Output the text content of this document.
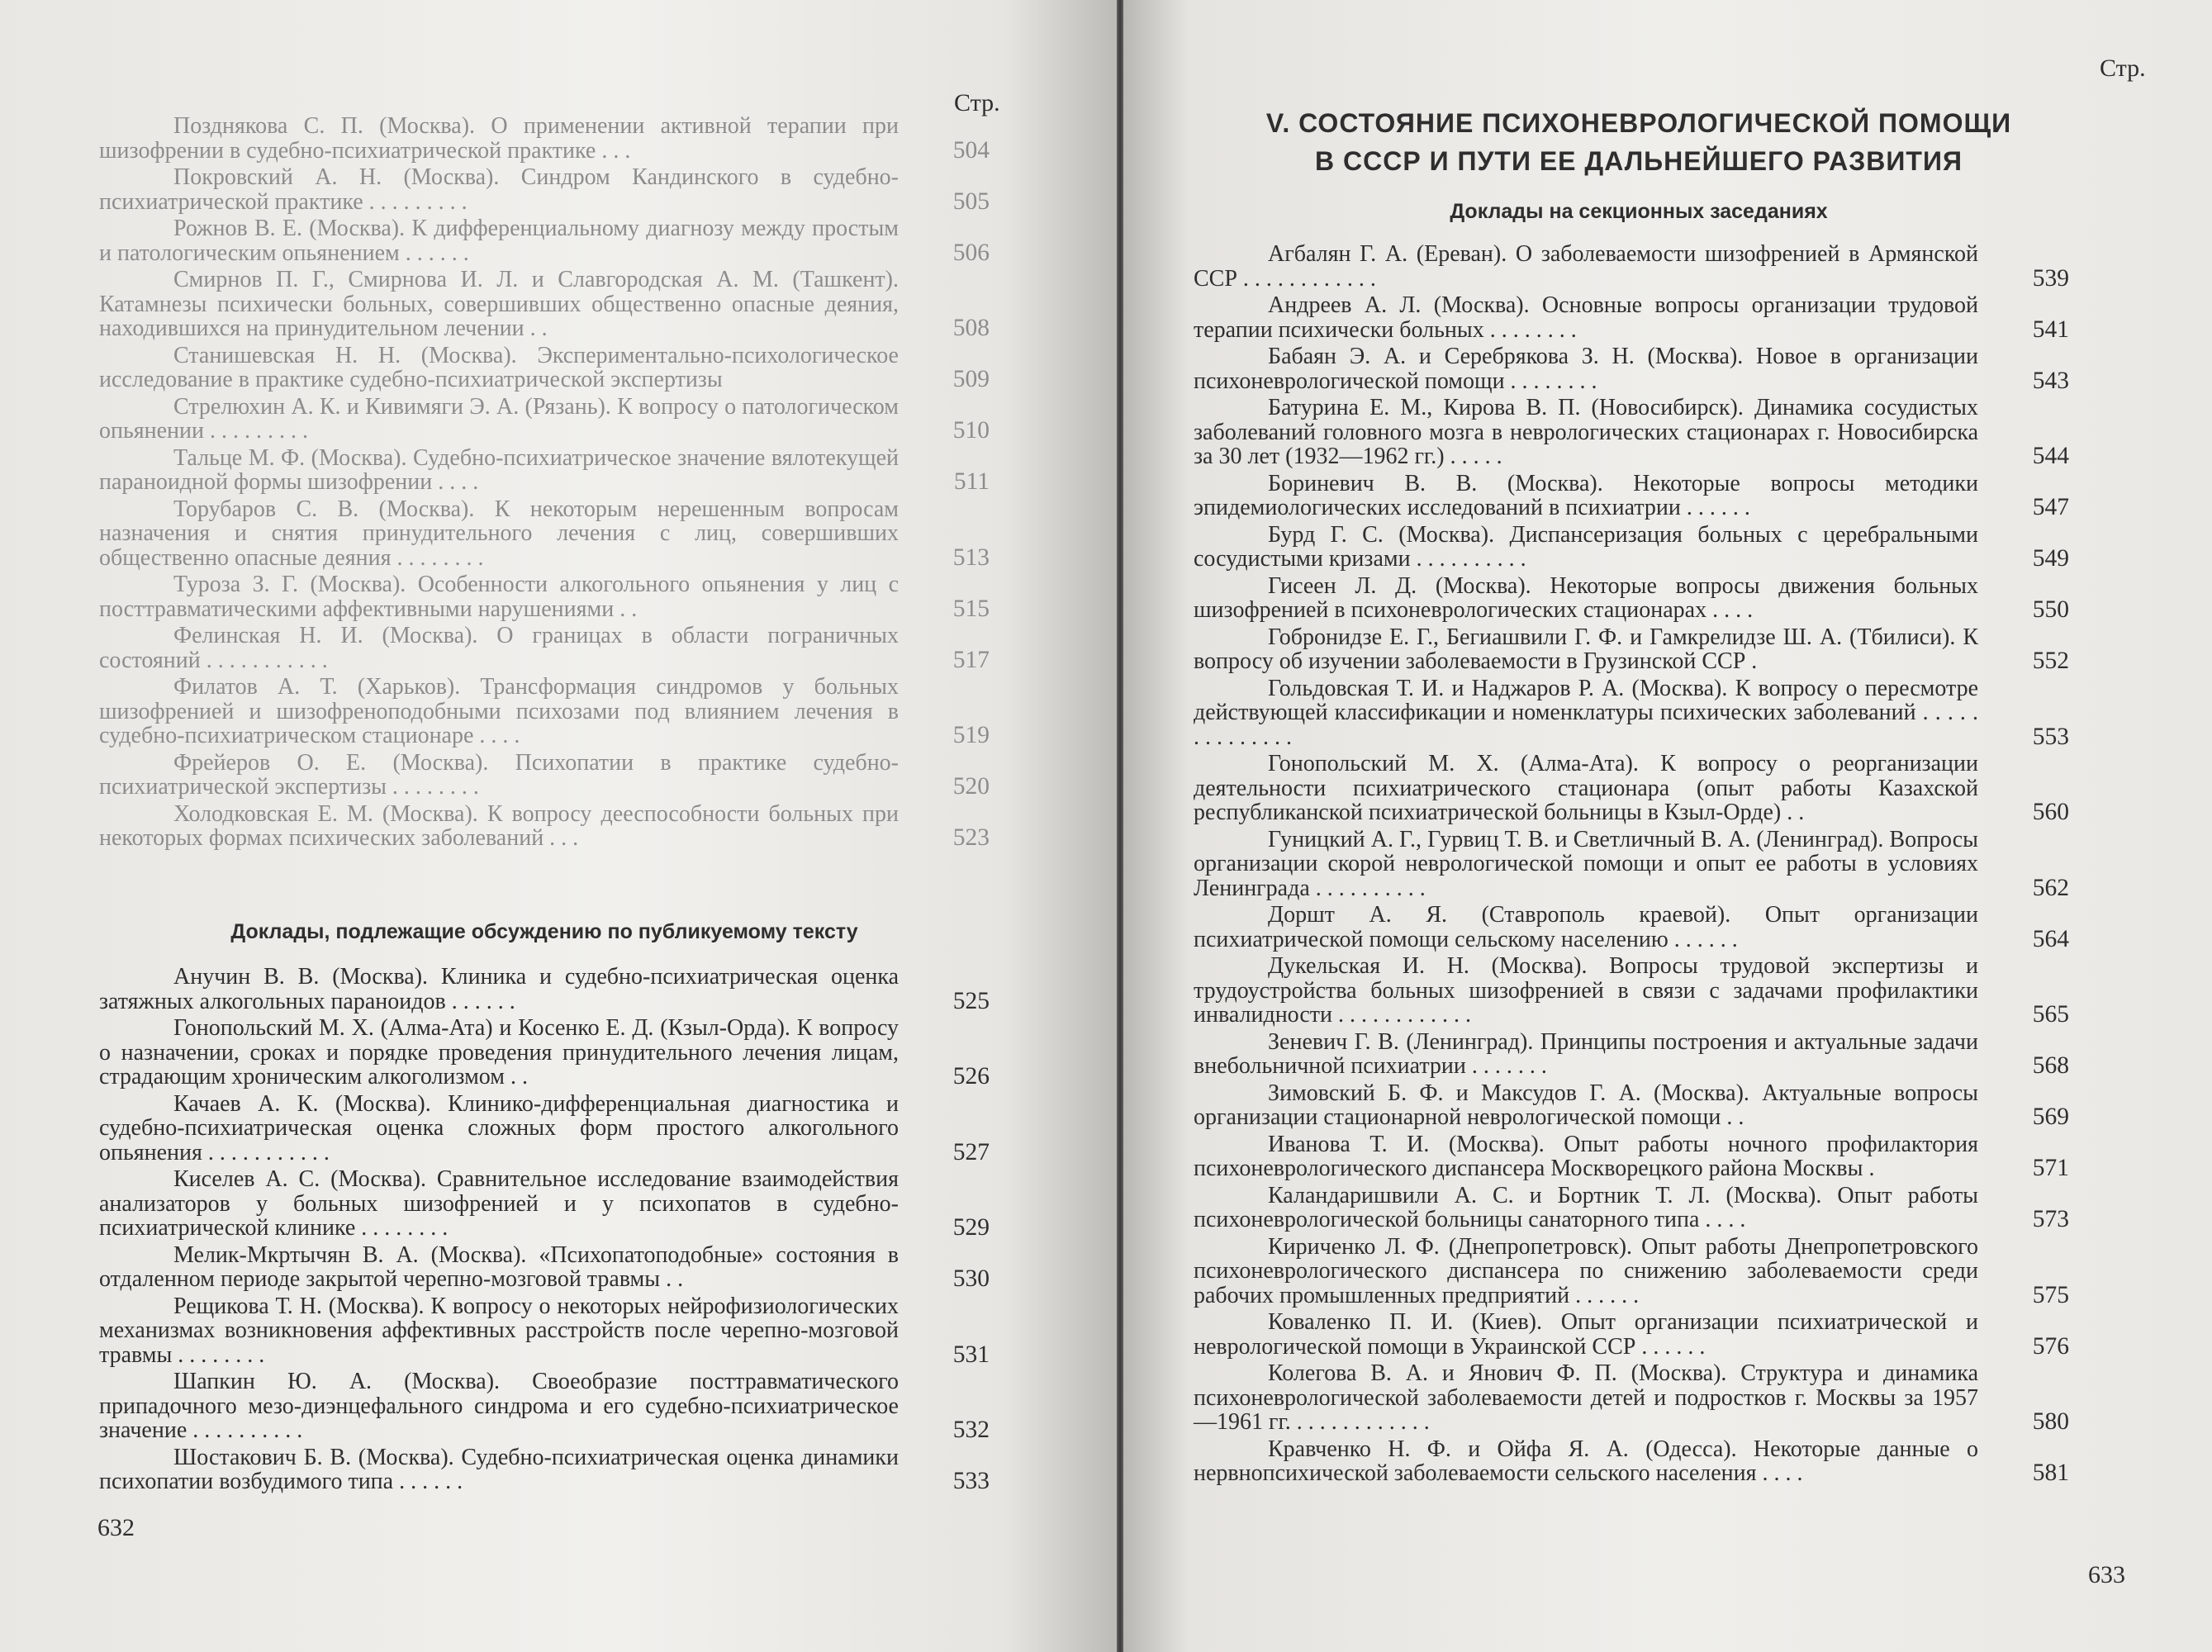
Стр.
Позднякова С. П. (Москва). О применении активной терапии при шизофрении в судебно-психиатрической практике . . .	504
Покровский А. Н. (Москва). Синдром Кандинского в судебно-психиатрической практике . . . . . . . . .	505
Рожнов В. Е. (Москва). К дифференциальному диагнозу между простым и патологическим опьянением . . . . . .	506
Смирнов П. Г., Смирнова И. Л. и Славгородская А. М. (Ташкент). Катамнезы психически больных, совершивших общественно опасные деяния, находившихся на принудительном лечении . .	508
Станишевская Н. Н. (Москва). Экспериментально-психологическое исследование в практике судебно-психиатрической экспертизы	509
Стрелюхин А. К. и Кивимяги Э. А. (Рязань). К вопросу о патологическом опьянении . . . . . . . . .	510
Тальце М. Ф. (Москва). Судебно-психиатрическое значение вялотекущей параноидной формы шизофрении . . . .	511
Торубаров С. В. (Москва). К некоторым нерешенным вопросам назначения и снятия принудительного лечения с лиц, совершивших общественно опасные деяния . . . . . . . .	513
Туроза З. Г. (Москва). Особенности алкогольного опьянения у лиц с посттравматическими аффективными нарушениями . .	515
Фелинская Н. И. (Москва). О границах в области пограничных состояний . . . . . . . . . . .	517
Филатов А. Т. (Харьков). Трансформация синдромов у больных шизофренией и шизофреноподобными психозами под влиянием лечения в судебно-психиатрическом стационаре . . . .	519
Фрейеров О. Е. (Москва). Психопатии в практике судебно-психиатрической экспертизы . . . . . . . .	520
Холодковская Е. М. (Москва). К вопросу дееспособности больных при некоторых формах психических заболеваний . . .	523
Доклады, подлежащие обсуждению по публикуемому тексту
Анучин В. В. (Москва). Клиника и судебно-психиатрическая оценка затяжных алкогольных параноидов . . . . . .	525
Гонопольский М. Х. (Алма-Ата) и Косенко Е. Д. (Кзыл-Орда). К вопросу о назначении, сроках и порядке проведения принудительного лечения лицам, страдающим хроническим алкоголизмом . .	526
Качаев А. К. (Москва). Клинико-дифференциальная диагностика и судебно-психиатрическая оценка сложных форм простого алкогольного опьянения . . . . . . . . . . .	527
Киселев А. С. (Москва). Сравнительное исследование взаимодействия анализаторов у больных шизофренией и у психопатов в судебно-психиатрической клинике . . . . . . . .	529
Мелик-Мкртычян В. А. (Москва). «Психопатоподобные» состояния в отдаленном периоде закрытой черепно-мозговой травмы . .	530
Рещикова Т. Н. (Москва). К вопросу о некоторых нейрофизиологических механизмах возникновения аффективных расстройств после черепно-мозговой травмы . . . . . . . .	531
Шапкин Ю. А. (Москва). Своеобразие посттравматического припадочного мезо-диэнцефального синдрома и его судебно-психиатрическое значение . . . . . . . . . .	532
Шостакович Б. В. (Москва). Судебно-психиатрическая оценка динамики психопатии возбудимого типа . . . . . .	533
632
Стр.
V. СОСТОЯНИЕ ПСИХОНЕВРОЛОГИЧЕСКОЙ ПОМОЩИ
В СССР И ПУТИ ЕЕ ДАЛЬНЕЙШЕГО РАЗВИТИЯ
Доклады на секционных заседаниях
Агбалян Г. А. (Ереван). О заболеваемости шизофренией в Армянской ССР . . . . . . . . . . . .	539
Андреев А. Л. (Москва). Основные вопросы организации трудовой терапии психически больных . . . . . . . .	541
Бабаян Э. А. и Серебрякова З. Н. (Москва). Новое в организации психоневрологической помощи . . . . . . . .	543
Батурина Е. М., Кирова В. П. (Новосибирск). Динамика сосудистых заболеваний головного мозга в неврологических стационарах г. Новосибирска за 30 лет (1932—1962 гг.) . . . . .	544
Бориневич В. В. (Москва). Некоторые вопросы методики эпидемиологических исследований в психиатрии . . . . . .	547
Бурд Г. С. (Москва). Диспансеризация больных с церебральными сосудистыми кризами . . . . . . . . . .	549
Гисеен Л. Д. (Москва). Некоторые вопросы движения больных шизофренией в психоневрологических стационарах . . . .	550
Гобронидзе Е. Г., Бегиашвили Г. Ф. и Гамкрелидзе Ш. А. (Тбилиси). К вопросу об изучении заболеваемости в Грузинской ССР .	552
Гольдовская Т. И. и Наджаров Р. А. (Москва). К вопросу о пересмотре действующей классификации и номенклатуры психических заболеваний . . . . . . . . . . . . . .	553
Гонопольский М. Х. (Алма-Ата). К вопросу о реорганизации деятельности психиатрического стационара (опыт работы Казахской республиканской психиатрической больницы в Кзыл-Орде) . .	560
Гуницкий А. Г., Гурвиц Т. В. и Светличный В. А. (Ленинград). Вопросы организации скорой неврологической помощи и опыт ее работы в условиях Ленинграда . . . . . . . . . .	562
Доршт А. Я. (Ставрополь краевой). Опыт организации психиатрической помощи сельскому населению . . . . . .	564
Дукельская И. Н. (Москва). Вопросы трудовой экспертизы и трудоустройства больных шизофренией в связи с задачами профилактики инвалидности . . . . . . . . . . . .	565
Зеневич Г. В. (Ленинград). Принципы построения и актуальные задачи внебольничной психиатрии . . . . . . .	568
Зимовский Б. Ф. и Максудов Г. А. (Москва). Актуальные вопросы организации стационарной неврологической помощи . .	569
Иванова Т. И. (Москва). Опыт работы ночного профилактория психоневрологического диспансера Москворецкого района Москвы .	571
Каландаришвили А. С. и Бортник Т. Л. (Москва). Опыт работы психоневрологической больницы санаторного типа . . . .	573
Кириченко Л. Ф. (Днепропетровск). Опыт работы Днепропетровского психоневрологического диспансера по снижению заболеваемости среди рабочих промышленных предприятий . . . . . .	575
Коваленко П. И. (Киев). Опыт организации психиатрической и неврологической помощи в Украинской ССР . . . . . .	576
Колегова В. А. и Янович Ф. П. (Москва). Структура и динамика психоневрологической заболеваемости детей и подростков г. Москвы за 1957—1961 гг. . . . . . . . . . . . .	580
Кравченко Н. Ф. и Ойфа Я. А. (Одесса). Некоторые данные о нервнопсихической заболеваемости сельского населения . . . .	581
633
